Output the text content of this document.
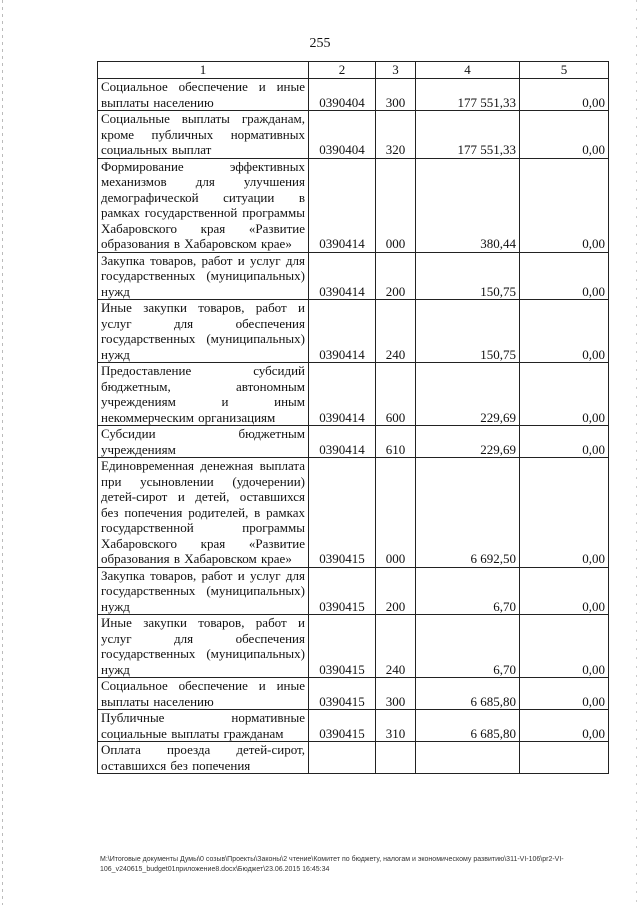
255
1	2	3	4	5
Социальное обеспечение и иные выплаты населению	0390404	300	177 551,33	0,00
Социальные выплаты гражданам, кроме публичных нормативных социальных выплат	0390404	320	177 551,33	0,00
Формирование эффективных механизмов для улучшения демографической ситуации в рамках государственной программы Хабаровского края «Развитие образования в Хабаровском крае»	0390414	000	380,44	0,00
Закупка товаров, работ и услуг для государственных (муниципальных) нужд	0390414	200	150,75	0,00
Иные закупки товаров, работ и услуг для обеспечения государственных (муниципальных) нужд	0390414	240	150,75	0,00
Предоставление субсидий бюджетным, автономным учреждениям и иным некоммерческим организациям	0390414	600	229,69	0,00
Субсидии бюджетным учреждениям	0390414	610	229,69	0,00
Единовременная денежная выплата при усыновлении (удочерении) детей-сирот и детей, оставшихся без попечения родителей, в рамках государственной программы Хабаровского края «Развитие образования в Хабаровском крае»	0390415	000	6 692,50	0,00
Закупка товаров, работ и услуг для государственных (муниципальных) нужд	0390415	200	6,70	0,00
Иные закупки товаров, работ и услуг для обеспечения государственных (муниципальных) нужд	0390415	240	6,70	0,00
Социальное обеспечение и иные выплаты населению	0390415	300	6 685,80	0,00
Публичные нормативные социальные выплаты гражданам	0390415	310	6 685,80	0,00
Оплата проезда детей-сирот, оставшихся без попечения				
M:\Итоговые документы Думы\0 созыв\Проекты\Законы\2 чтение\Комитет по бюджету, налогам и экономическому развитию\311-VI-106\pr2-VI-106_v240615_budget01приложение8.docx\Бюджет\23.06.2015 16:45:34
